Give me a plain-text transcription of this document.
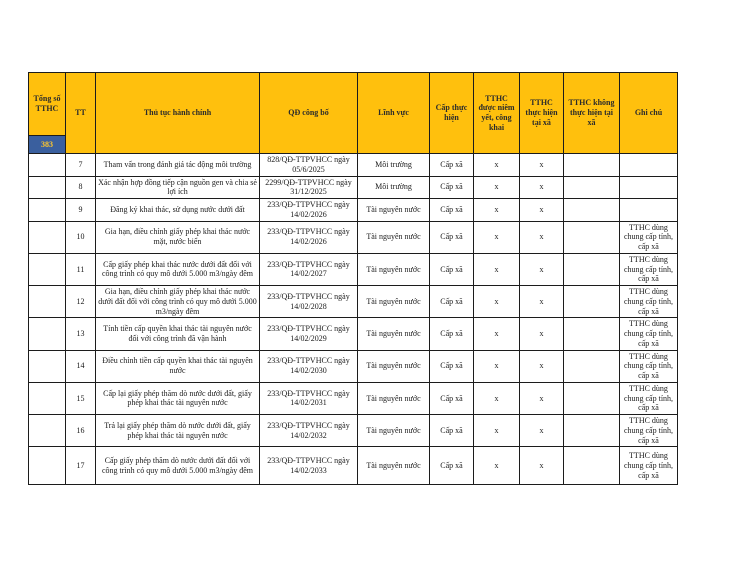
Tổng số TTHC	TT	Thủ tục hành chính	QĐ công bố	Lĩnh vực	Cấp thực hiện	TTHC được niêm yết, công khai	TTHC thực hiện tại xã	TTHC không thực hiện tại xã	Ghi chú
383									
	7	Tham vấn trong đánh giá tác động môi trường	828/QĐ-TTPVHCC ngày 05/6/2025	Môi trường	Cấp xã	x	x		
	8	Xác nhận hợp đồng tiếp cận nguồn gen và chia sẻ lợi ích	2299/QĐ-TTPVHCC ngày 31/12/2025	Môi trường	Cấp xã	x	x		
	9	Đăng ký khai thác, sử dụng nước dưới đất	233/QĐ-TTPVHCC ngày 14/02/2026	Tài nguyên nước	Cấp xã	x	x		
	10	Gia hạn, điều chỉnh giấy phép khai thác nước mặt, nước biển	233/QĐ-TTPVHCC ngày 14/02/2026	Tài nguyên nước	Cấp xã	x	x		TTHC dùng chung cấp tỉnh, cấp xã
	11	Cấp giấy phép khai thác nước dưới đất đối với công trình có quy mô dưới 5.000 m3/ngày đêm	233/QĐ-TTPVHCC ngày 14/02/2027	Tài nguyên nước	Cấp xã	x	x		TTHC dùng chung cấp tỉnh, cấp xã
	12	Gia hạn, điều chỉnh giấy phép khai thác nước dưới đất đối với công trình có quy mô dưới 5.000 m3/ngày đêm	233/QĐ-TTPVHCC ngày 14/02/2028	Tài nguyên nước	Cấp xã	x	x		TTHC dùng chung cấp tỉnh, cấp xã
	13	Tính tiền cấp quyền khai thác tài nguyên nước đối với công trình đã vận hành	233/QĐ-TTPVHCC ngày 14/02/2029	Tài nguyên nước	Cấp xã	x	x		TTHC dùng chung cấp tỉnh, cấp xã
	14	Điều chỉnh tiền cấp quyền khai thác tài nguyên nước	233/QĐ-TTPVHCC ngày 14/02/2030	Tài nguyên nước	Cấp xã	x	x		TTHC dùng chung cấp tỉnh, cấp xã
	15	Cấp lại giấy phép thăm dò nước dưới đất, giấy phép khai thác tài nguyên nước	233/QĐ-TTPVHCC ngày 14/02/2031	Tài nguyên nước	Cấp xã	x	x		TTHC dùng chung cấp tỉnh, cấp xã
	16	Trả lại giấy phép thăm dò nước dưới đất, giấy phép khai thác tài nguyên nước	233/QĐ-TTPVHCC ngày 14/02/2032	Tài nguyên nước	Cấp xã	x	x		TTHC dùng chung cấp tỉnh, cấp xã
	17	Cấp giấy phép thăm dò nước dưới đất đối với công trình có quy mô dưới 5.000 m3/ngày đêm	233/QĐ-TTPVHCC ngày 14/02/2033	Tài nguyên nước	Cấp xã	x	x		TTHC dùng chung cấp tỉnh, cấp xã
